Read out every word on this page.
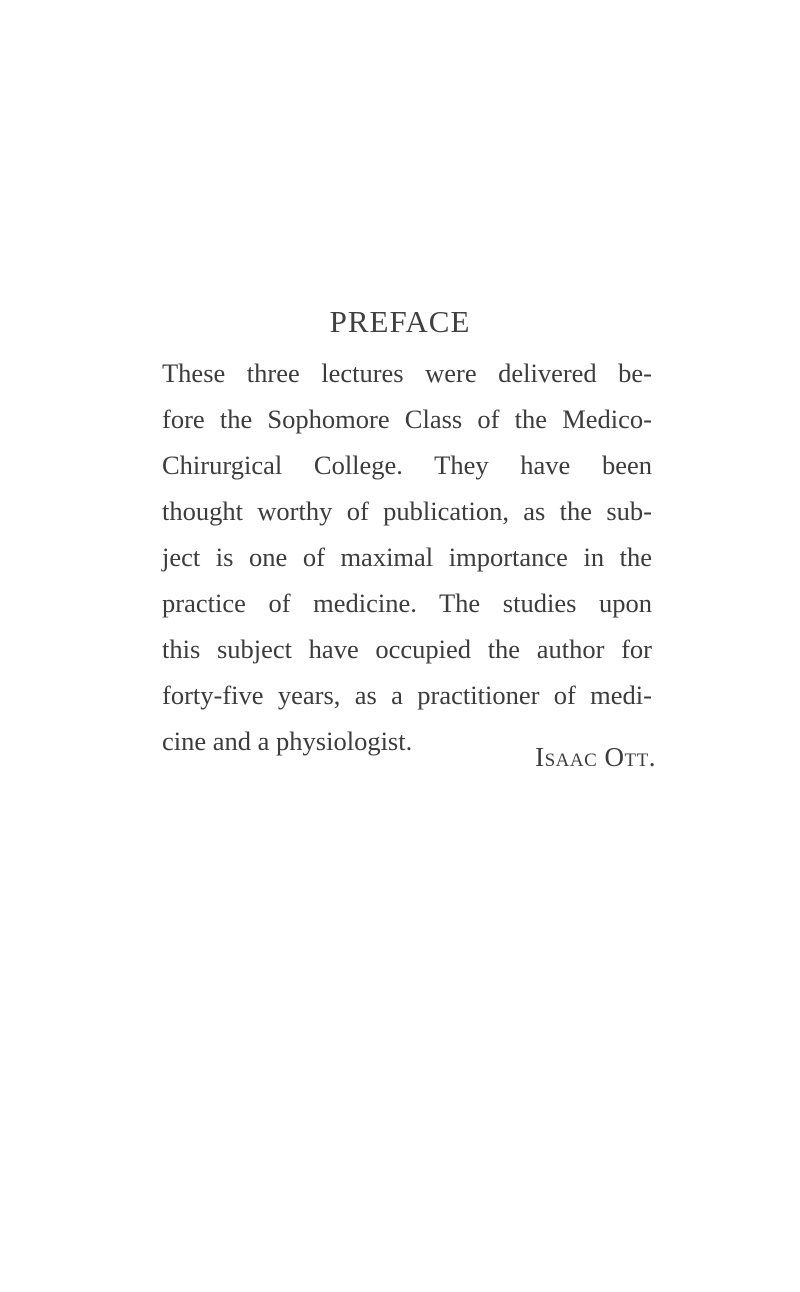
PREFACE
These three lectures were delivered be-
fore the Sophomore Class of the Medico-
Chirurgical College. They have been
thought worthy of publication, as the sub-
ject is one of maximal importance in the
practice of medicine. The studies upon
this subject have occupied the author for
forty-five years, as a practitioner of medi-
cine and a physiologist.
Isaac Ott.
